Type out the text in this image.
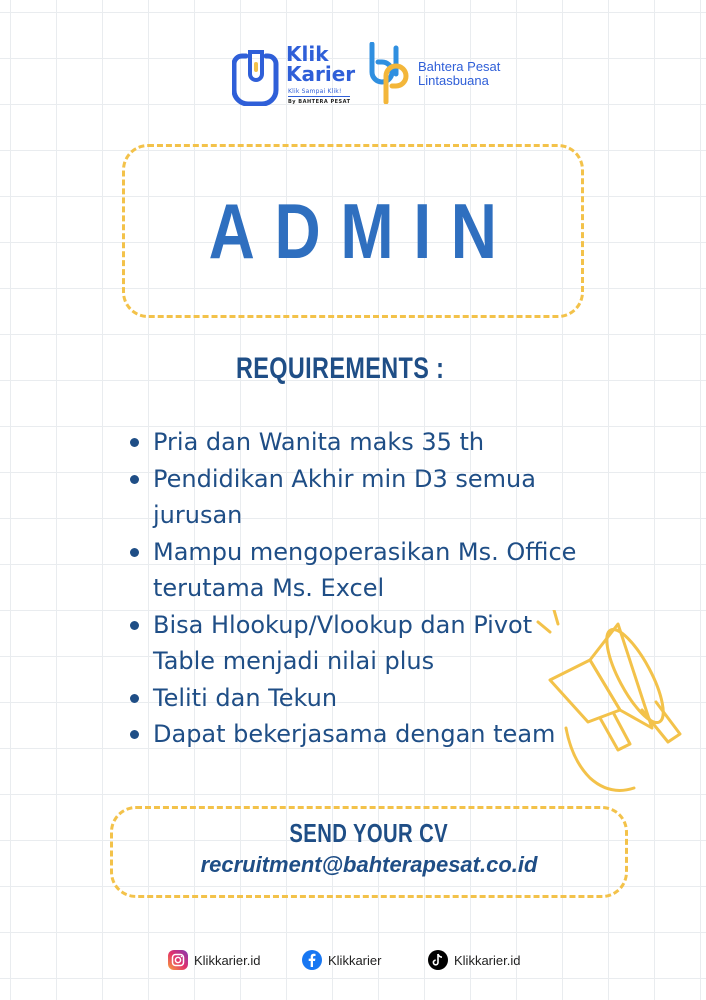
Klik
Karier
Klik Sampai Klik!
By BAHTERA PESAT
Bahtera Pesat
Lintasbuana
ADMIN
REQUIREMENTS :
Pria dan Wanita maks 35 th
Pendidikan Akhir min D3 semua
jurusan
Mampu mengoperasikan Ms. Office
terutama Ms. Excel
Bisa Hlookup/Vlookup dan Pivot
Table menjadi nilai plus
Teliti dan Tekun
Dapat bekerjasama dengan team
SEND YOUR CV
recruitment@bahterapesat.co.id
Klikkarier.id	Klikkarier	Klikkarier.id
